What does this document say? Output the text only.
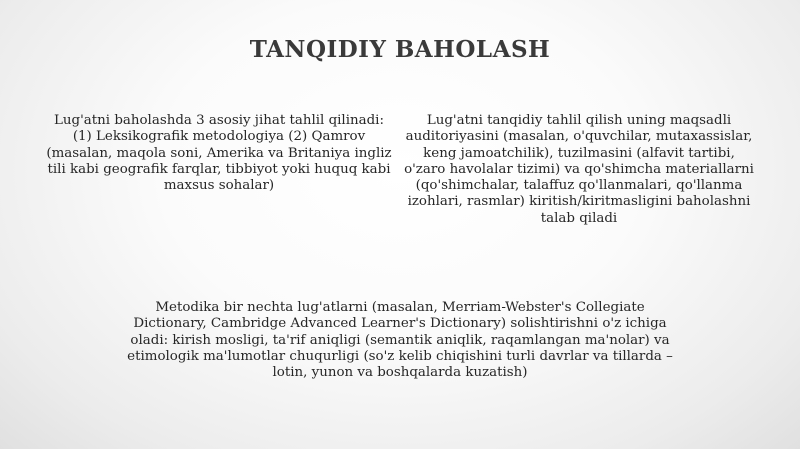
TANQIDIY BAHOLASH

Lug'atni baholashda 3 asosiy jihat tahlil qilinadi: (1) Leksikografik metodologiya (2) Qamrov (masalan, maqola soni, Amerika va Britaniya ingliz tili kabi geografik farqlar, tibbiyot yoki huquq kabi maxsus sohalar)

Lug'atni tanqidiy tahlil qilish uning maqsadli auditoriyasini (masalan, o'quvchilar, mutaxassislar, keng jamoatchilik), tuzilmasini (alfavit tartibi, o'zaro havolalar tizimi) va qo'shimcha materiallarni (qo'shimchalar, talaffuz qo'llanmalari, qo'llanma izohlari, rasmlar) kiritish/kiritmasligini baholashni talab qiladi

Metodika bir nechta lug'atlarni (masalan, Merriam-Webster's Collegiate Dictionary, Cambridge Advanced Learner's Dictionary) solishtirishni o'z ichiga oladi: kirish mosligi, ta'rif aniqligi (semantik aniqlik, raqamlangan ma'nolar) va etimologik ma'lumotlar chuqurligi (so'z kelib chiqishini turli davrlar va tillarda – lotin, yunon va boshqalarda kuzatish)
